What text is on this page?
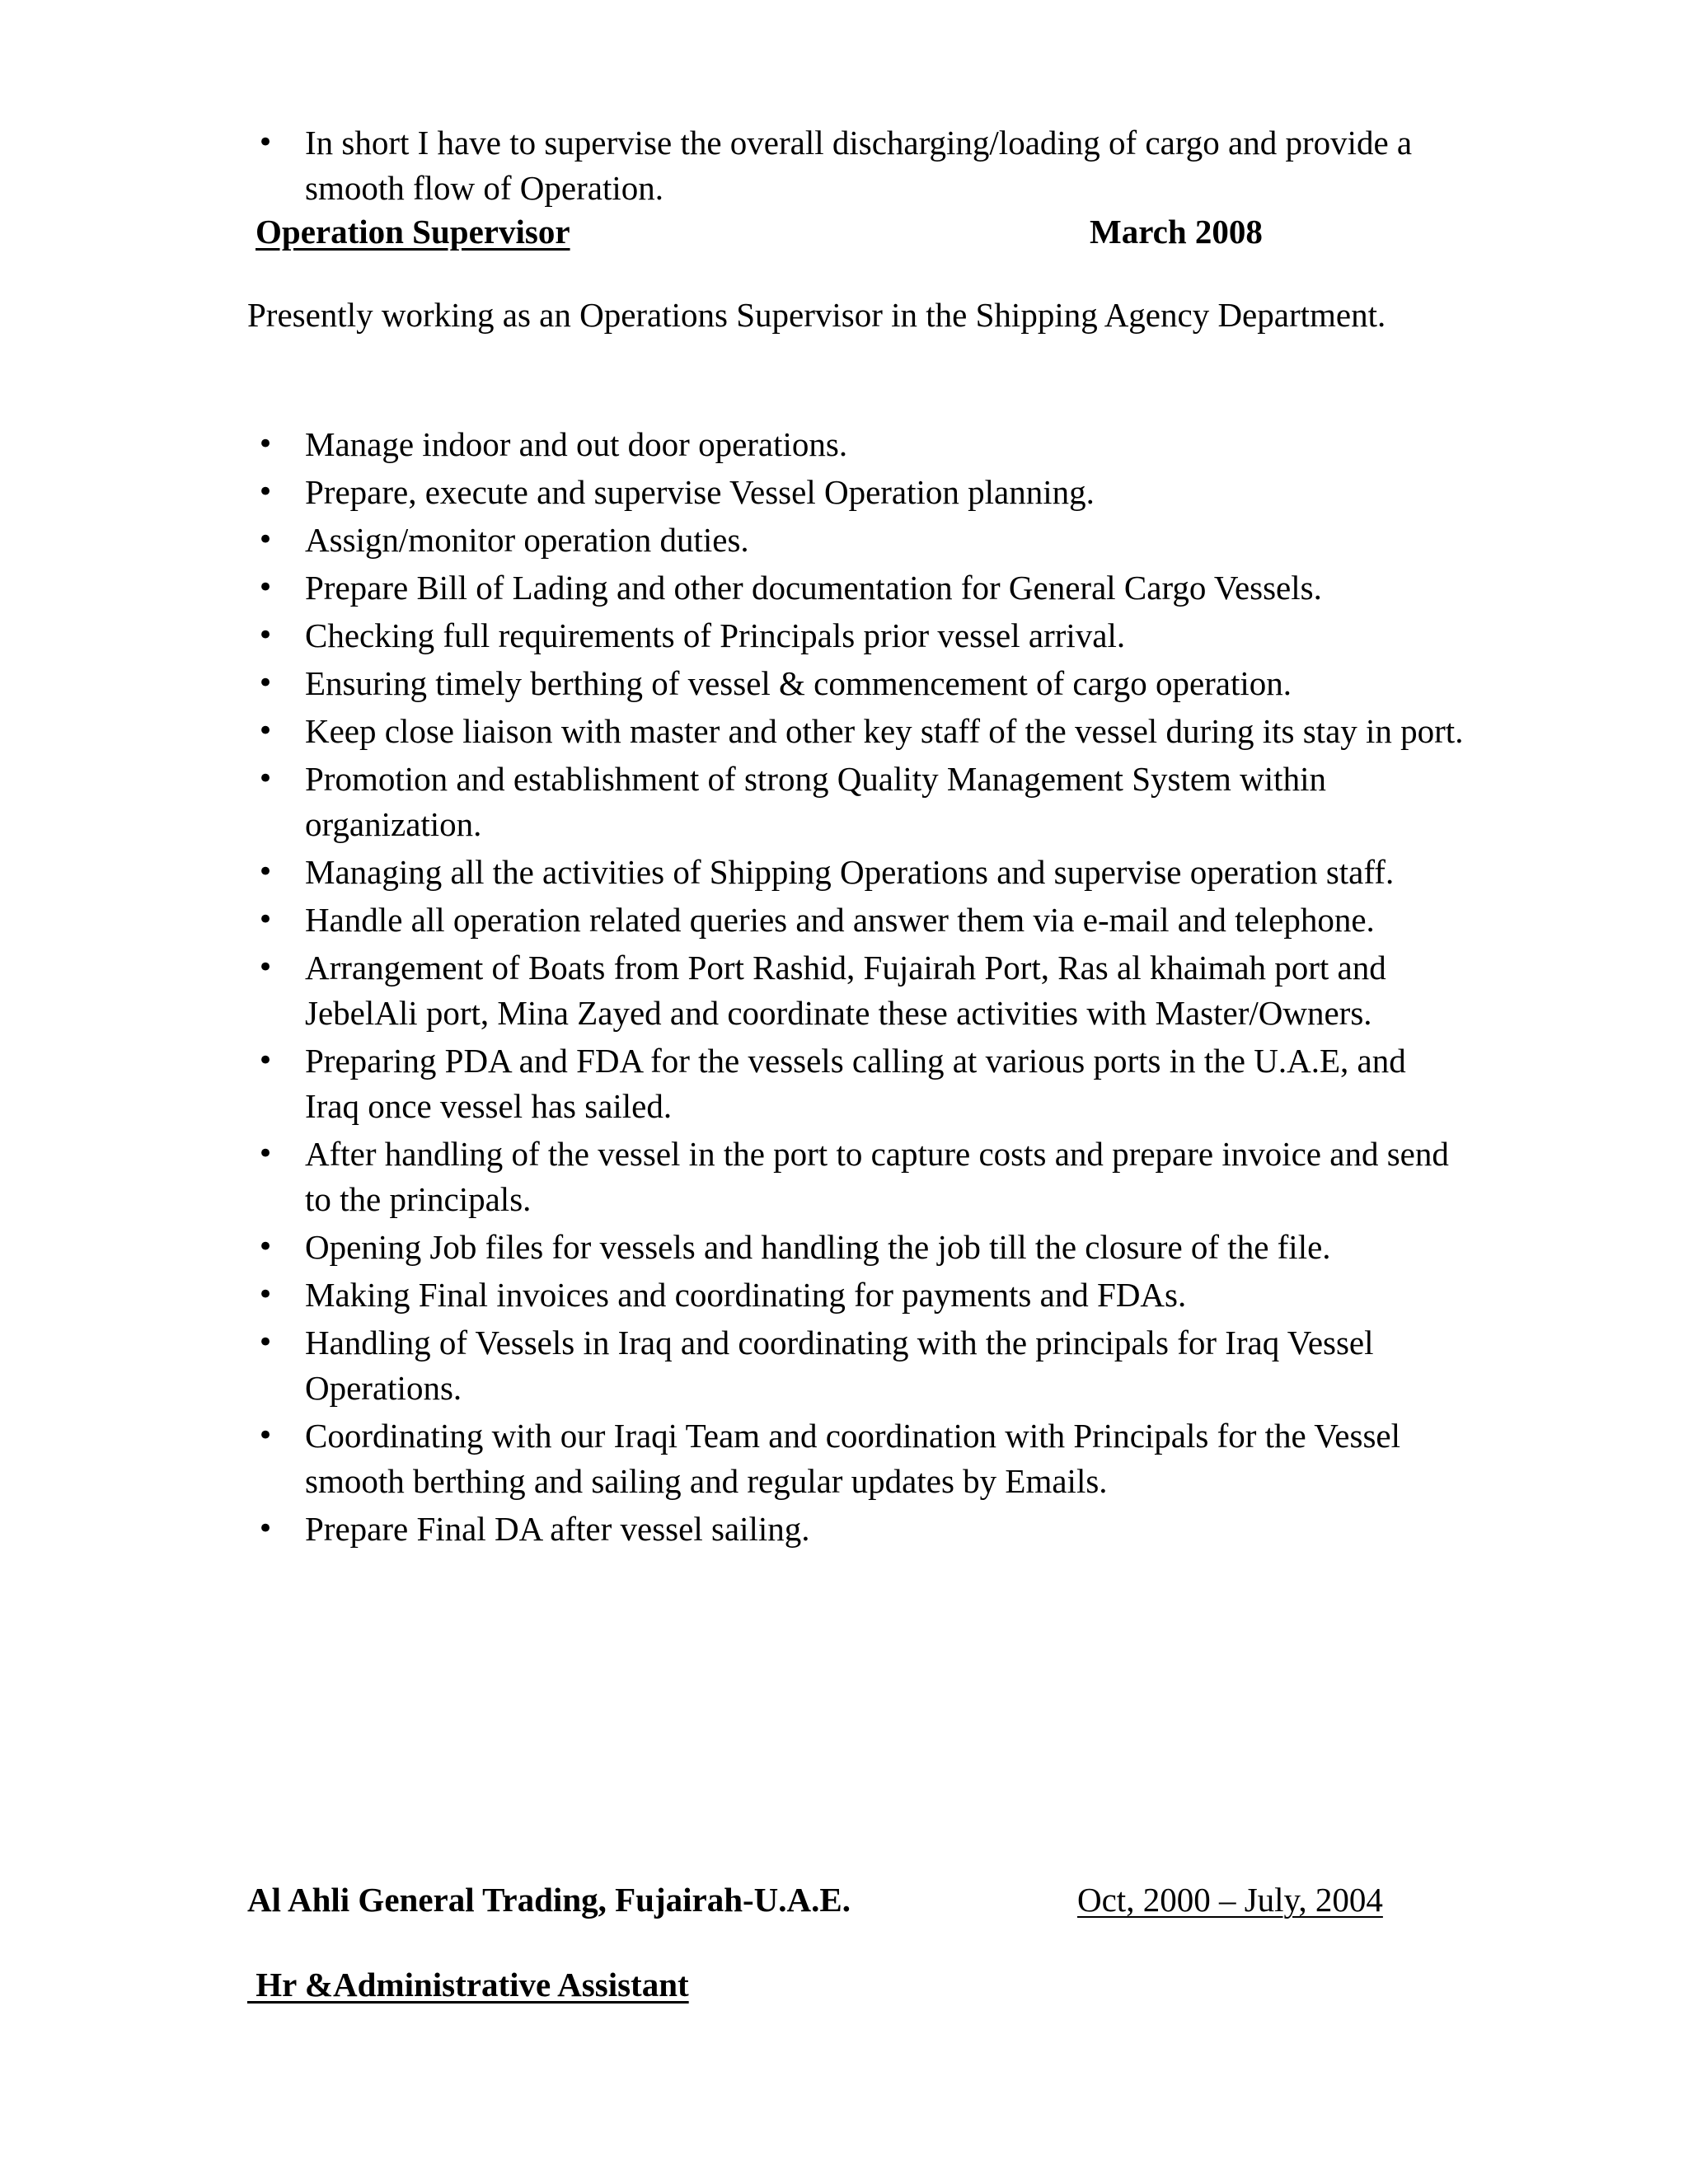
• In short I have to supervise the overall discharging/loading of cargo and provide a smooth flow of Operation.
Operation Supervisor	March 2008
Presently working as an Operations Supervisor in the Shipping Agency Department.
• Manage indoor and out door operations.
• Prepare, execute and supervise Vessel Operation planning.
• Assign/monitor operation duties.
• Prepare Bill of Lading and other documentation for General Cargo Vessels.
• Checking full requirements of Principals prior vessel arrival.
• Ensuring timely berthing of vessel & commencement of cargo operation.
• Keep close liaison with master and other key staff of the vessel during its stay in port.
• Promotion and establishment of strong Quality Management System within organization.
• Managing all the activities of Shipping Operations and supervise operation staff.
• Handle all operation related queries and answer them via e-mail and telephone.
• Arrangement of Boats from Port Rashid, Fujairah Port, Ras al khaimah port and JebelAli port, Mina Zayed and coordinate these activities with Master/Owners.
• Preparing PDA and FDA for the vessels calling at various ports in the U.A.E, and Iraq once vessel has sailed.
• After handling of the vessel in the port to capture costs and prepare invoice and send to the principals.
• Opening Job files for vessels and handling the job till the closure of the file.
• Making Final invoices and coordinating for payments and FDAs.
• Handling of Vessels in Iraq and coordinating with the principals for Iraq Vessel Operations.
• Coordinating with our Iraqi Team and coordination with Principals for the Vessel smooth berthing and sailing and regular updates by Emails.
• Prepare Final DA after vessel sailing.
Al Ahli General Trading, Fujairah-U.A.E.	Oct, 2000 – July, 2004
Hr &Administrative Assistant
